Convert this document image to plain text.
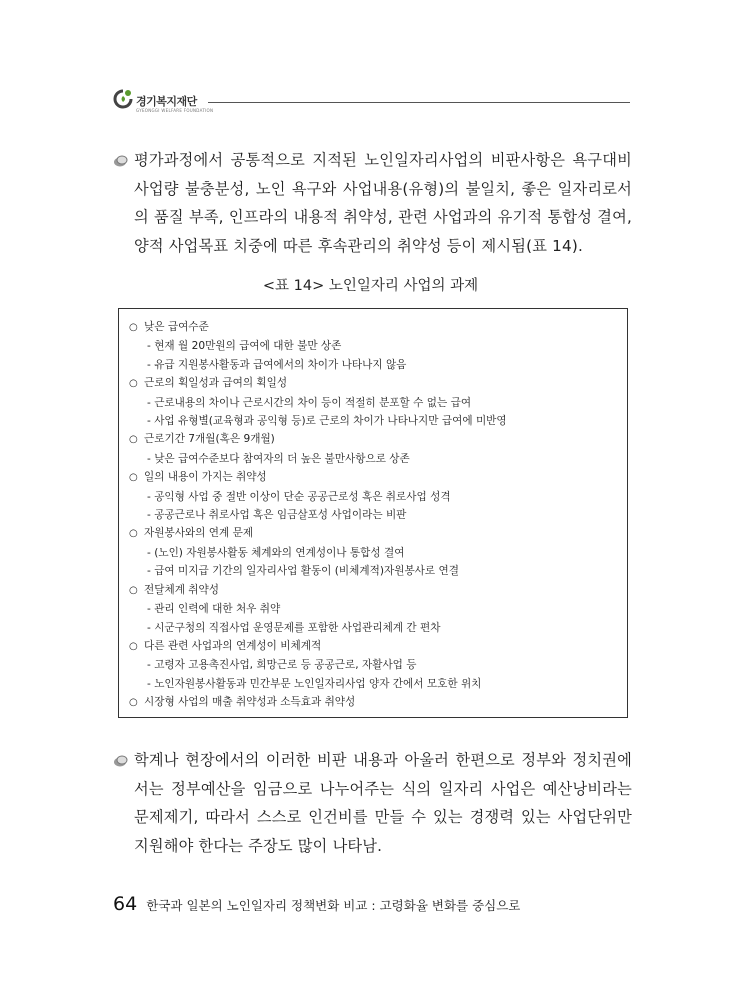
경기복지재단
GYEONGGI WELFARE FOUNDATION
평가과정에서 공통적으로 지적된 노인일자리사업의 비판사항은 욕구대비 사업량 불충분성, 노인 욕구와 사업내용(유형)의 불일치, 좋은 일자리로서의 품질 부족, 인프라의 내용적 취약성, 관련 사업과의 유기적 통합성 결여, 양적 사업목표 치중에 따른 후속관리의 취약성 등이 제시됨(표 14).
<표 14> 노인일자리 사업의 과제
○ 낮은 급여수준
- 현재 월 20만원의 급여에 대한 불만 상존
- 유급 지원봉사활동과 급여에서의 차이가 나타나지 않음
○ 근로의 획일성과 급여의 획일성
- 근로내용의 차이나 근로시간의 차이 등이 적절히 분포할 수 없는 급여
- 사업 유형별(교육형과 공익형 등)로 근로의 차이가 나타나지만 급여에 미반영
○ 근로기간 7개월(혹은 9개월)
- 낮은 급여수준보다 참여자의 더 높은 불만사항으로 상존
○ 일의 내용이 가지는 취약성
- 공익형 사업 중 절반 이상이 단순 공공근로성 혹은 취로사업 성격
- 공공근로나 취로사업 혹은 임금살포성 사업이라는 비판
○ 자원봉사와의 연계 문제
- (노인) 자원봉사활동 체계와의 연계성이나 통합성 결여
- 급여 미지급 기간의 일자리사업 활동이 (비체계적)자원봉사로 연결
○ 전달체계 취약성
- 관리 인력에 대한 처우 취약
- 시군구청의 직접사업 운영문제를 포함한 사업관리체계 간 편차
○ 다른 관련 사업과의 연계성이 비체계적
- 고령자 고용촉진사업, 희망근로 등 공공근로, 자활사업 등
- 노인자원봉사활동과 민간부문 노인일자리사업 양자 간에서 모호한 위치
○ 시장형 사업의 매출 취약성과 소득효과 취약성
학계나 현장에서의 이러한 비판 내용과 아울러 한편으로 정부와 정치권에서는 정부예산을 임금으로 나누어주는 식의 일자리 사업은 예산낭비라는 문제제기, 따라서 스스로 인건비를 만들 수 있는 경쟁력 있는 사업단위만 지원해야 한다는 주장도 많이 나타남.
64 한국과 일본의 노인일자리 정책변화 비교 : 고령화율 변화를 중심으로
